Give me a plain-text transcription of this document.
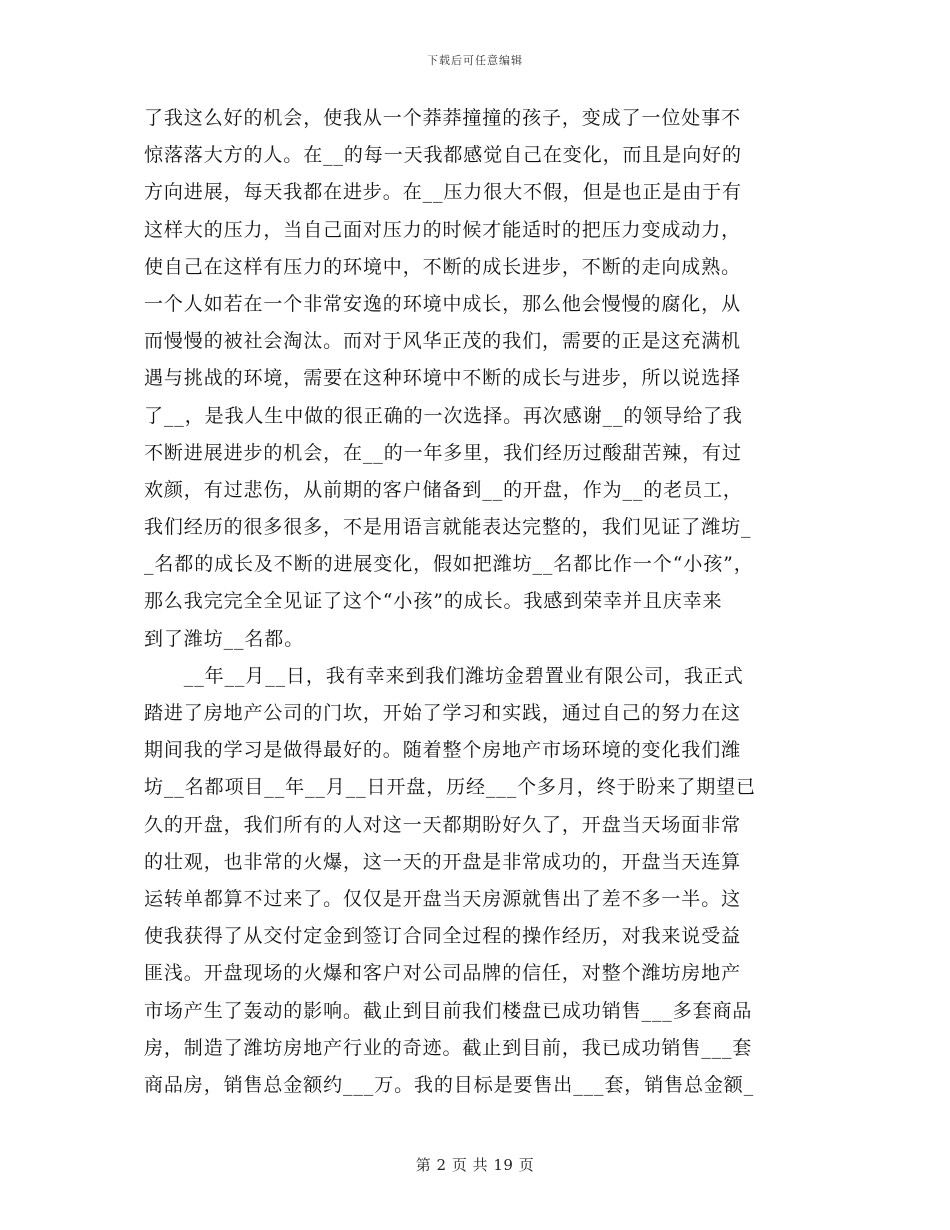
下载后可任意编辑
了我这么好的机会，使我从一个莽莽撞撞的孩子，变成了一位处事不
惊落落大方的人。在__的每一天我都感觉自己在变化，而且是向好的
方向进展，每天我都在进步。在__压力很大不假，但是也正是由于有
这样大的压力，当自己面对压力的时候才能适时的把压力变成动力，
使自己在这样有压力的环境中，不断的成长进步，不断的走向成熟。
一个人如若在一个非常安逸的环境中成长，那么他会慢慢的腐化，从
而慢慢的被社会淘汰。而对于风华正茂的我们，需要的正是这充满机
遇与挑战的环境，需要在这种环境中不断的成长与进步，所以说选择
了__，是我人生中做的很正确的一次选择。再次感谢__的领导给了我
不断进展进步的机会，在__的一年多里，我们经历过酸甜苦辣，有过
欢颜，有过悲伤，从前期的客户储备到__的开盘，作为__的老员工，
我们经历的很多很多，不是用语言就能表达完整的，我们见证了潍坊_
_名都的成长及不断的进展变化，假如把潍坊__名都比作一个“小孩”，
那么我完完全全见证了这个“小孩”的成长。我感到荣幸并且庆幸来
到了潍坊__名都。
　　__年__月__日，我有幸来到我们潍坊金碧置业有限公司，我正式
踏进了房地产公司的门坎，开始了学习和实践，通过自己的努力在这
期间我的学习是做得最好的。随着整个房地产市场环境的变化我们潍
坊__名都项目__年__月__日开盘，历经___个多月，终于盼来了期望已
久的开盘，我们所有的人对这一天都期盼好久了，开盘当天场面非常
的壮观，也非常的火爆，这一天的开盘是非常成功的，开盘当天连算
运转单都算不过来了。仅仅是开盘当天房源就售出了差不多一半。这
使我获得了从交付定金到签订合同全过程的操作经历，对我来说受益
匪浅。开盘现场的火爆和客户对公司品牌的信任，对整个潍坊房地产
市场产生了轰动的影响。截止到目前我们楼盘已成功销售___多套商品
房，制造了潍坊房地产行业的奇迹。截止到目前，我已成功销售___套
商品房，销售总金额约___万。我的目标是要售出___套，销售总金额_
第 2 页 共 19 页
